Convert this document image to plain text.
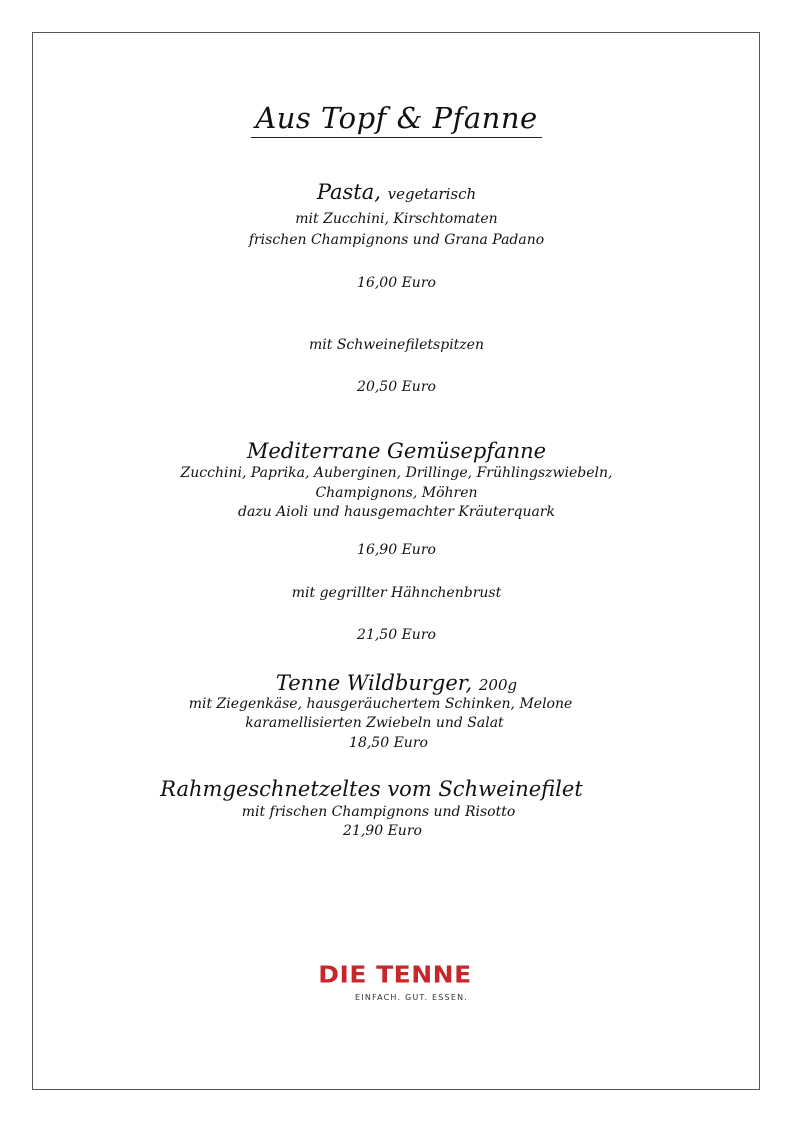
Aus Topf & Pfanne
Pasta, vegetarisch
mit Zucchini, Kirschtomaten
frischen Champignons und Grana Padano
16,00 Euro
mit Schweinefiletspitzen
20,50 Euro
Mediterrane Gemüsepfanne
Zucchini, Paprika, Auberginen, Drillinge, Frühlingszwiebeln,
Champignons, Möhren
dazu Aioli und hausgemachter Kräuterquark
16,90 Euro
mit gegrillter Hähnchenbrust
21,50 Euro
Tenne Wildburger, 200g
mit Ziegenkäse, hausgeräuchertem Schinken, Melone
karamellisierten Zwiebeln und Salat
18,50 Euro
Rahmgeschnetzeltes vom Schweinefilet
mit frischen Champignons und Risotto
21,90 Euro
DIE TENNE
EINFACH. GUT. ESSEN.
